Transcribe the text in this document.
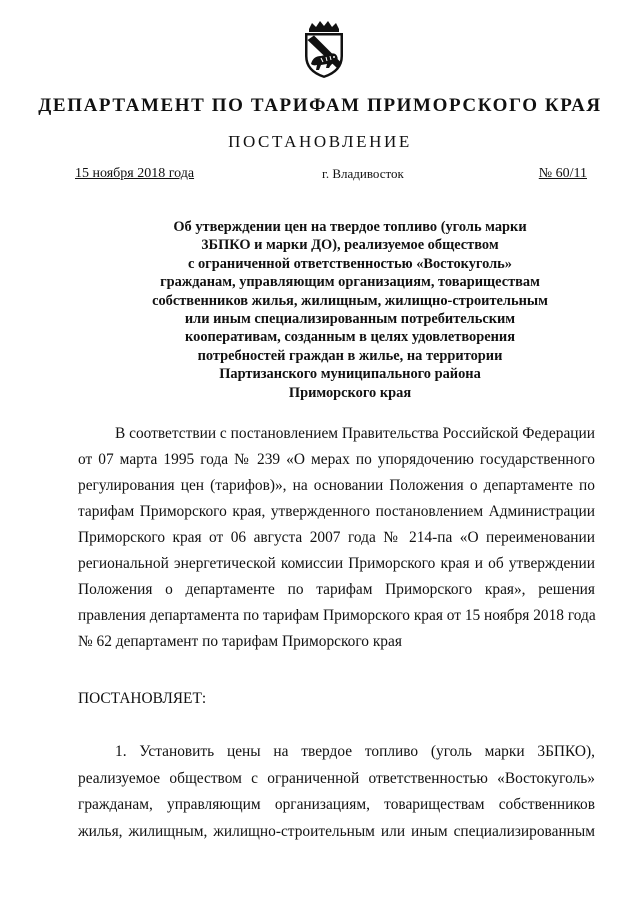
ДЕПАРТАМЕНТ ПО ТАРИФАМ ПРИМОРСКОГО КРАЯ
ПОСТАНОВЛЕНИЕ
15 ноября 2018 года	г. Владивосток	№ 60/11
Об утверждении цен на твердое топливо (уголь марки
3БПКО и марки ДО), реализуемое обществом
с ограниченной ответственностью «Востокуголь»
гражданам, управляющим организациям, товариществам
собственников жилья, жилищным, жилищно-строительным
или иным специализированным потребительским
кооперативам, созданным в целях удовлетворения
потребностей граждан в жилье, на территории
Партизанского муниципального района
Приморского края
В соответствии с постановлением Правительства Российской Федерации
от 07 марта 1995 года № 239 «О мерах по упорядочению государственного
регулирования цен (тарифов)», на основании Положения о департаменте по
тарифам Приморского края, утвержденного постановлением Администрации
Приморского края от 06 августа 2007 года № 214-па «О переименовании
региональной энергетической комиссии Приморского края и об утверждении
Положения о департаменте по тарифам Приморского края», решения
правления департамента по тарифам Приморского края от 15 ноября 2018 года
№ 62 департамент по тарифам Приморского края
ПОСТАНОВЛЯЕТ:
1. Установить цены на твердое топливо (уголь марки 3БПКО),
реализуемое обществом с ограниченной ответственностью «Востокуголь»
гражданам, управляющим организациям, товариществам собственников
жилья, жилищным, жилищно-строительным или иным специализированным
